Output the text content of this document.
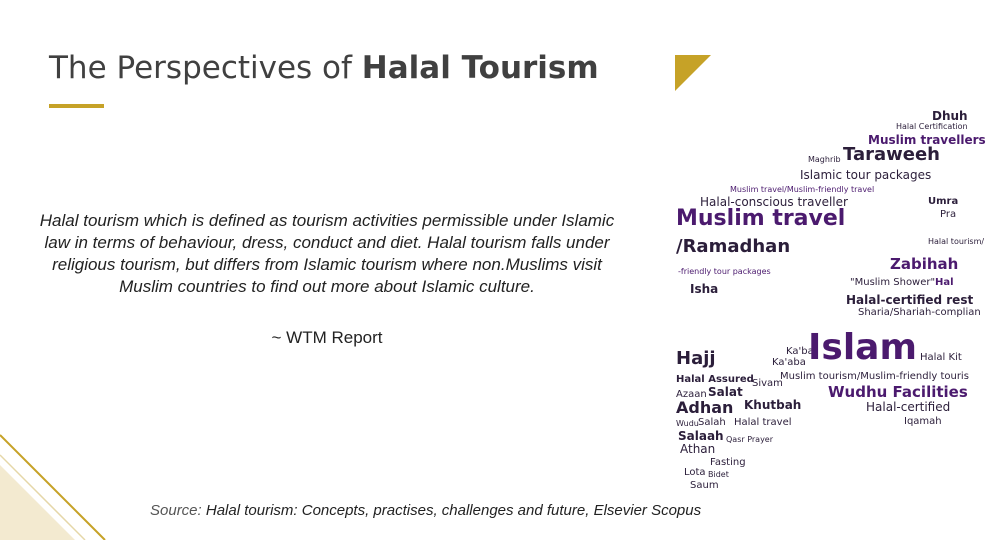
The Perspectives of Halal Tourism
Halal tourism which is defined as tourism activities permissible under Islamic law in terms of behaviour, dress, conduct and diet. Halal tourism falls under religious tourism, but differs from Islamic tourism where non.Muslims visit Muslim countries to find out more about Islamic culture.
~ WTM Report
Source: Halal tourism: Concepts, practises, challenges and future, Elsevier Scopus
Dhuh
Halal Certification
Muslim travellers
Maghrib Taraweeh
Islamic tour packages
Muslim travel/Muslim-friendly travel
Halal-conscious traveller	Umra
Muslim travel
/Ramadhan	Halal tourism/
Zabihah
-friendly tour packages
Isha	"Muslim Shower" Hal
Halal-certified rest
Sharia/Shariah-complian
Ka'ba
Islam
Ka'aba	Halal Kit
Hajj
Muslim tourism/Muslim-friendly touris
Halal Assured
Sivam
Azaan Salat	Wudhu Facilities
Khutbah
Adhan	Halal-certified
Wudu Salah Halal travel	Iqamah
Salaah Qasr Prayer
Athan
Fasting
Lota Bidet
Saum
Pra
